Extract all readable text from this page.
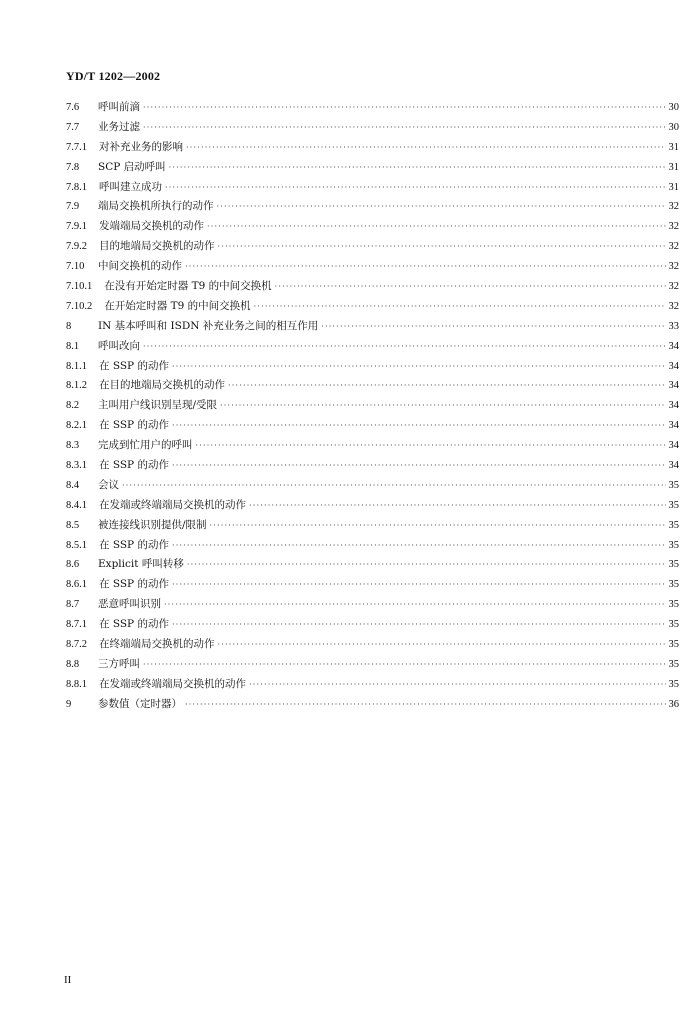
YD/T 1202—2002
7.6	呼叫前滴 ·····	30
7.7	业务过滤 ·····	30
7.7.1 对补充业务的影响 ·····	31
7.8	SCP 启动呼叫 ·····	31
7.8.1 呼叫建立成功 ·····	31
7.9	端局交换机所执行的动作 ·····	32
7.9.1 发端端局交换机的动作 ·····	32
7.9.2 目的地端局交换机的动作 ·····	32
7.10 中间交换机的动作 ·····	32
7.10.1 在没有开始定时器 T9 的中间交换机 ·····	32
7.10.2 在开始定时器 T9 的中间交换机 ·····	32
8	IN 基本呼叫和 ISDN 补充业务之间的相互作用 ·····	33
8.1	呼叫改向 ·····	34
8.1.1 在 SSP 的动作 ·····	34
8.1.2 在目的地端局交换机的动作 ·····	34
8.2	主叫用户线识别呈现/受限 ·····	34
8.2.1 在 SSP 的动作 ·····	34
8.3	完成到忙用户的呼叫 ·····	34
8.3.1 在 SSP 的动作 ·····	34
8.4	会议 ·····	35
8.4.1 在发端或终端端局交换机的动作 ·····	35
8.5	被连接线识别提供/限制 ·····	35
8.5.1 在 SSP 的动作 ·····	35
8.6	Explicit 呼叫转移 ·····	35
8.6.1 在 SSP 的动作 ·····	35
8.7	恶意呼叫识别 ·····	35
8.7.1 在 SSP 的动作 ·····	35
8.7.2 在终端端局交换机的动作 ·····	35
8.8	三方呼叫 ·····	35
8.8.1 在发端或终端端局交换机的动作 ·····	35
9	参数值（定时器） ·····	36
II
